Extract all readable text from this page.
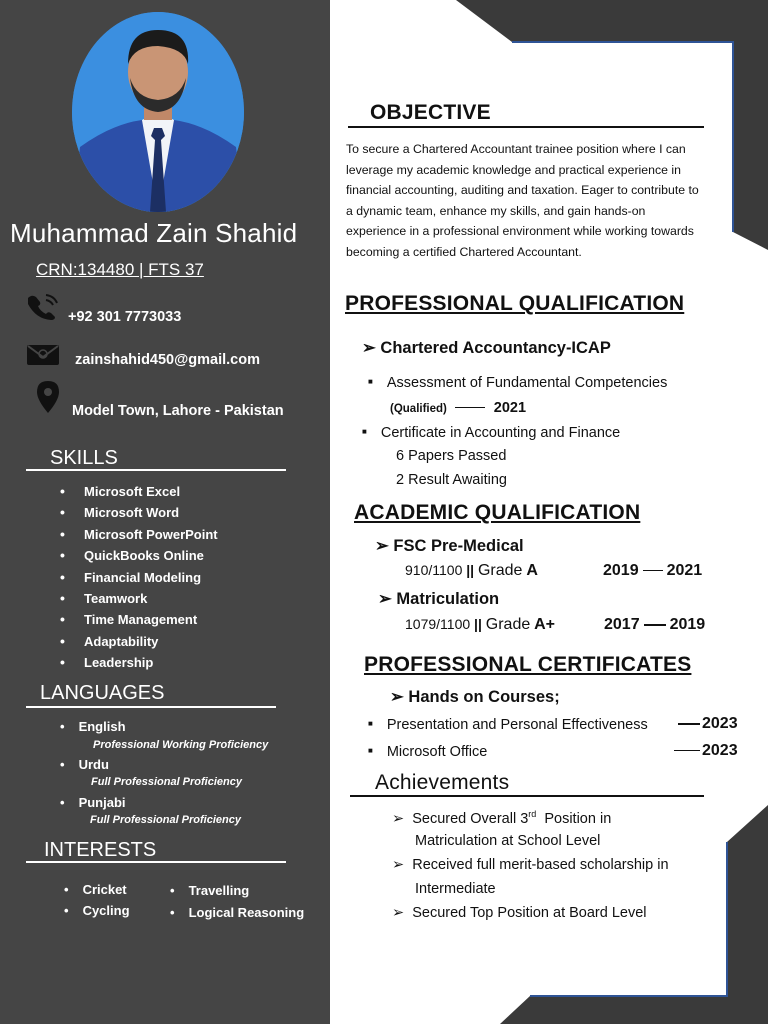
Muhammad Zain Shahid
CRN:134480 | FTS 37
+92 301 7773033
zainshahid450@gmail.com
Model Town, Lahore - Pakistan
SKILLS
• Microsoft Excel
• Microsoft Word
• Microsoft PowerPoint
• QuickBooks Online
• Financial Modeling
• Teamwork
• Time Management
• Adaptability
• Leadership
LANGUAGES
• English
Professional Working Proficiency
• Urdu
Full Professional Proficiency
• Punjabi
Full Professional Proficiency
INTERESTS
• Cricket
• Cycling
• Travelling
• Logical Reasoning
OBJECTIVE
To secure a Chartered Accountant trainee position where I can leverage my academic knowledge and practical experience in financial accounting, auditing and taxation. Eager to contribute to a dynamic team, enhance my skills, and gain hands-on experience in a professional environment while working towards becoming a certified Chartered Accountant.
PROFESSIONAL QUALIFICATION
➢ Chartered Accountancy-ICAP
■ Assessment of Fundamental Competencies
(Qualified)	2021
■ Certificate in Accounting and Finance
6 Papers Passed
2 Result Awaiting
ACADEMIC QUALIFICATION
➢ FSC Pre-Medical
910/1100 || Grade A	2019 2021
➢ Matriculation
1079/1100 || Grade A+	2017 2019
PROFESSIONAL CERTIFICATES
➢ Hands on Courses;
■ Presentation and Personal Effectiveness	2023
■ Microsoft Office	2023
Achievements
➢  Secured Overall 3rd  Position in
Matriculation at School Level
➢  Received full merit-based scholarship in
Intermediate
➢  Secured Top Position at Board Level
